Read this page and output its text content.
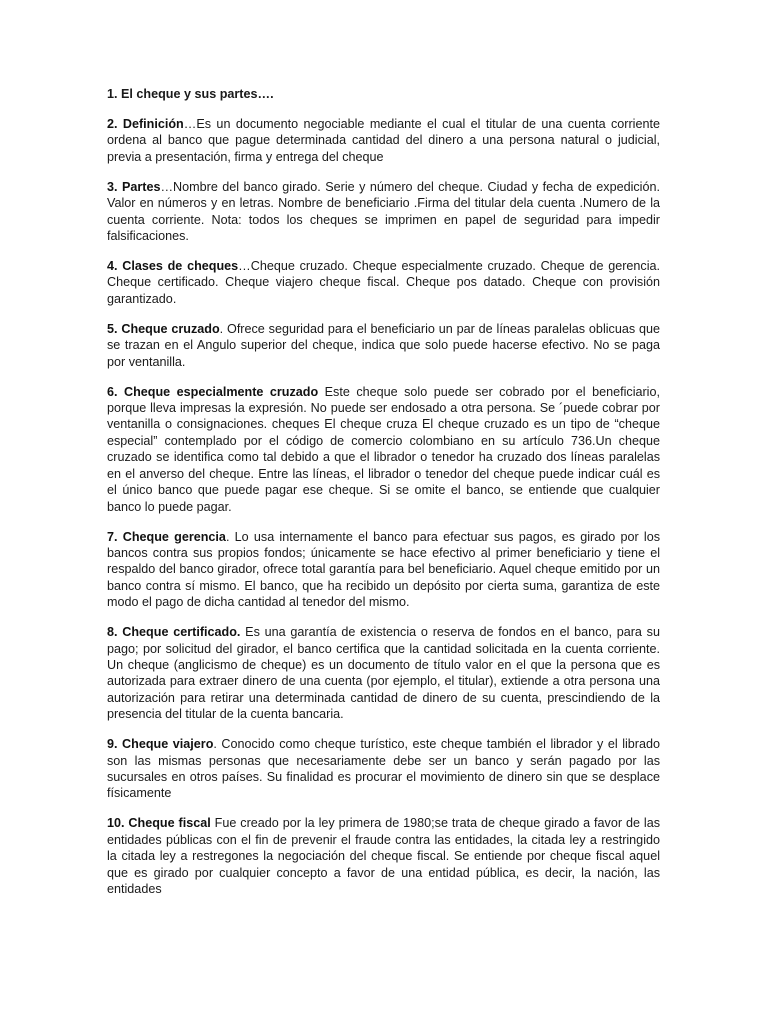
1. El cheque y sus partes….

2. Definición…Es un documento negociable mediante el cual el titular de una cuenta corriente ordena al banco que pague determinada cantidad del dinero a una persona natural o judicial, previa a presentación, firma y entrega del cheque

3. Partes…Nombre del banco girado. Serie y número del cheque. Ciudad y fecha de expedición. Valor en números y en letras. Nombre de beneficiario .Firma del titular dela cuenta .Numero de la cuenta corriente. Nota: todos los cheques se imprimen en papel de seguridad para impedir falsificaciones.

4. Clases de cheques…Cheque cruzado. Cheque especialmente cruzado. Cheque de gerencia. Cheque certificado. Cheque viajero cheque fiscal. Cheque pos datado. Cheque con provisión garantizado.

5. Cheque cruzado. Ofrece seguridad para el beneficiario un par de líneas paralelas oblicuas que se trazan en el Angulo superior del cheque, indica que solo puede hacerse efectivo. No se paga por ventanilla.

6. Cheque especialmente cruzado Este cheque solo puede ser cobrado por el beneficiario, porque lleva impresas la expresión. No puede ser endosado a otra persona. Se ´puede cobrar por ventanilla o consignaciones. cheques El cheque cruza El cheque cruzado es un tipo de “cheque especial” contemplado por el código de comercio colombiano en su artículo 736.Un cheque cruzado se identifica como tal debido a que el librador o tenedor ha cruzado dos líneas paralelas en el anverso del cheque. Entre las líneas, el librador o tenedor del cheque puede indicar cuál es el único banco que puede pagar ese cheque. Si se omite el banco, se entiende que cualquier banco lo puede pagar.

7. Cheque gerencia. Lo usa internamente el banco para efectuar sus pagos, es girado por los bancos contra sus propios fondos; únicamente se hace efectivo al primer beneficiario y tiene el respaldo del banco girador, ofrece total garantía para bel beneficiario. Aquel cheque emitido por un banco contra sí mismo. El banco, que ha recibido un depósito por cierta suma, garantiza de este modo el pago de dicha cantidad al tenedor del mismo.

8. Cheque certificado. Es una garantía de existencia o reserva de fondos en el banco, para su pago; por solicitud del girador, el banco certifica que la cantidad solicitada en la cuenta corriente. Un cheque (anglicismo de cheque) es un documento de título valor en el que la persona que es autorizada para extraer dinero de una cuenta (por ejemplo, el titular), extiende a otra persona una autorización para retirar una determinada cantidad de dinero de su cuenta, prescindiendo de la presencia del titular de la cuenta bancaria.

9. Cheque viajero. Conocido como cheque turístico, este cheque también el librador y el librado son las mismas personas que necesariamente debe ser un banco y serán pagado por las sucursales en otros países. Su finalidad es procurar el movimiento de dinero sin que se desplace físicamente

10. Cheque fiscal Fue creado por la ley primera de 1980;se trata de cheque girado a favor de las entidades públicas con el fin de prevenir el fraude contra las entidades, la citada ley a restringido la citada ley a restregones la negociación del cheque fiscal. Se entiende por cheque fiscal aquel que es girado por cualquier concepto a favor de una entidad pública, es decir, la nación, las entidades
